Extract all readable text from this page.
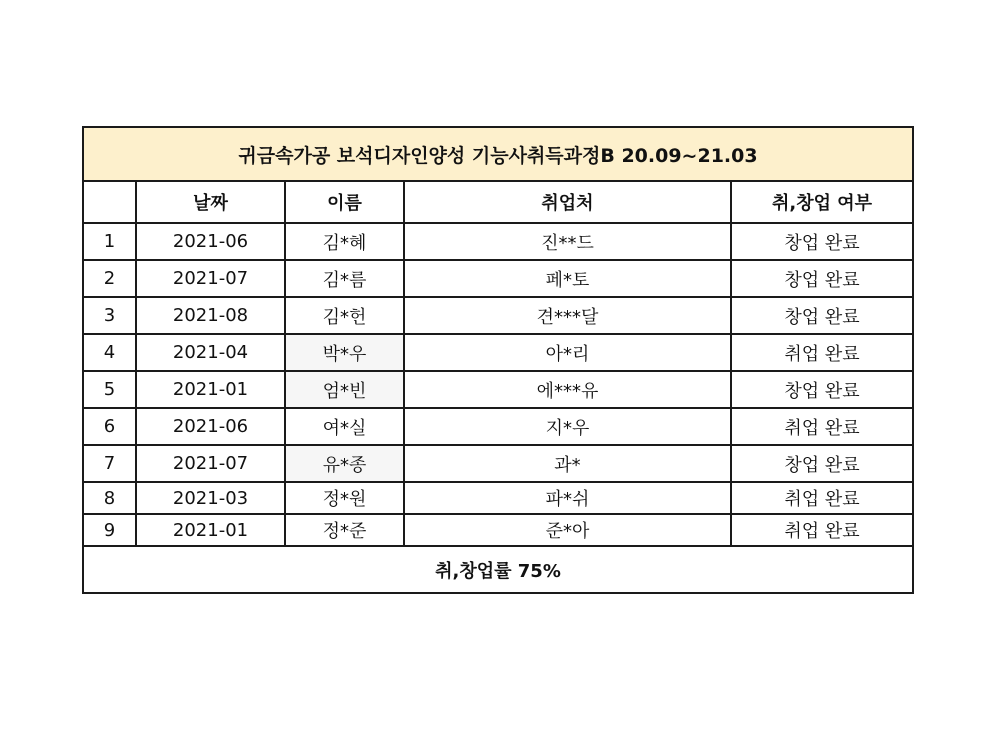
귀금속가공 보석디자인양성 기능사취득과정B 20.09~21.03				
	날짜	이름	취업처	취,창업 여부
1	2021-06	김*혜	진**드	창업 완료
2	2021-07	김*름	페*토	창업 완료
3	2021-08	김*헌	견***달	창업 완료
4	2021-04	박*우	아*리	취업 완료
5	2021-01	엄*빈	에***유	창업 완료
6	2021-06	여*실	지*우	취업 완료
7	2021-07	유*종	과*	창업 완료
8	2021-03	정*원	파*쉬	취업 완료
9	2021-01	정*준	준*아	취업 완료
취,창업률 75%				
